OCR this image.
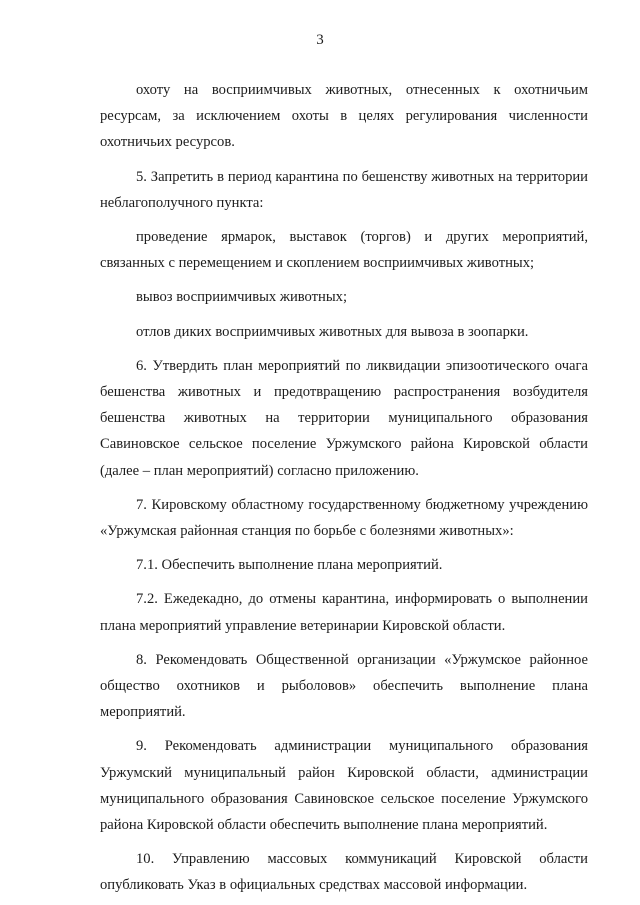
3

охоту на восприимчивых животных, отнесенных к охотничьим ресурсам, за исключением охоты в целях регулирования численности охотничьих ресурсов.

5. Запретить в период карантина по бешенству животных на территории неблагополучного пункта:

проведение ярмарок, выставок (торгов) и других мероприятий, связанных с перемещением и скоплением восприимчивых животных;

вывоз восприимчивых животных;

отлов диких восприимчивых животных для вывоза в зоопарки.

6. Утвердить план мероприятий по ликвидации эпизоотического очага бешенства животных и предотвращению распространения возбудителя бешенства животных на территории муниципального образования Савиновское сельское поселение Уржумского района Кировской области (далее – план мероприятий) согласно приложению.

7. Кировскому областному государственному бюджетному учреждению «Уржумская районная станция по борьбе с болезнями животных»:

7.1. Обеспечить выполнение плана мероприятий.

7.2. Ежедекадно, до отмены карантина, информировать о выполнении плана мероприятий управление ветеринарии Кировской области.

8. Рекомендовать Общественной организации «Уржумское районное общество охотников и рыболовов» обеспечить выполнение плана мероприятий.

9. Рекомендовать администрации муниципального образования Уржумский муниципальный район Кировской области, администрации муниципального образования Савиновское сельское поселение Уржумского района Кировской области обеспечить выполнение плана мероприятий.

10. Управлению массовых коммуникаций Кировской области опубликовать Указ в официальных средствах массовой информации.
